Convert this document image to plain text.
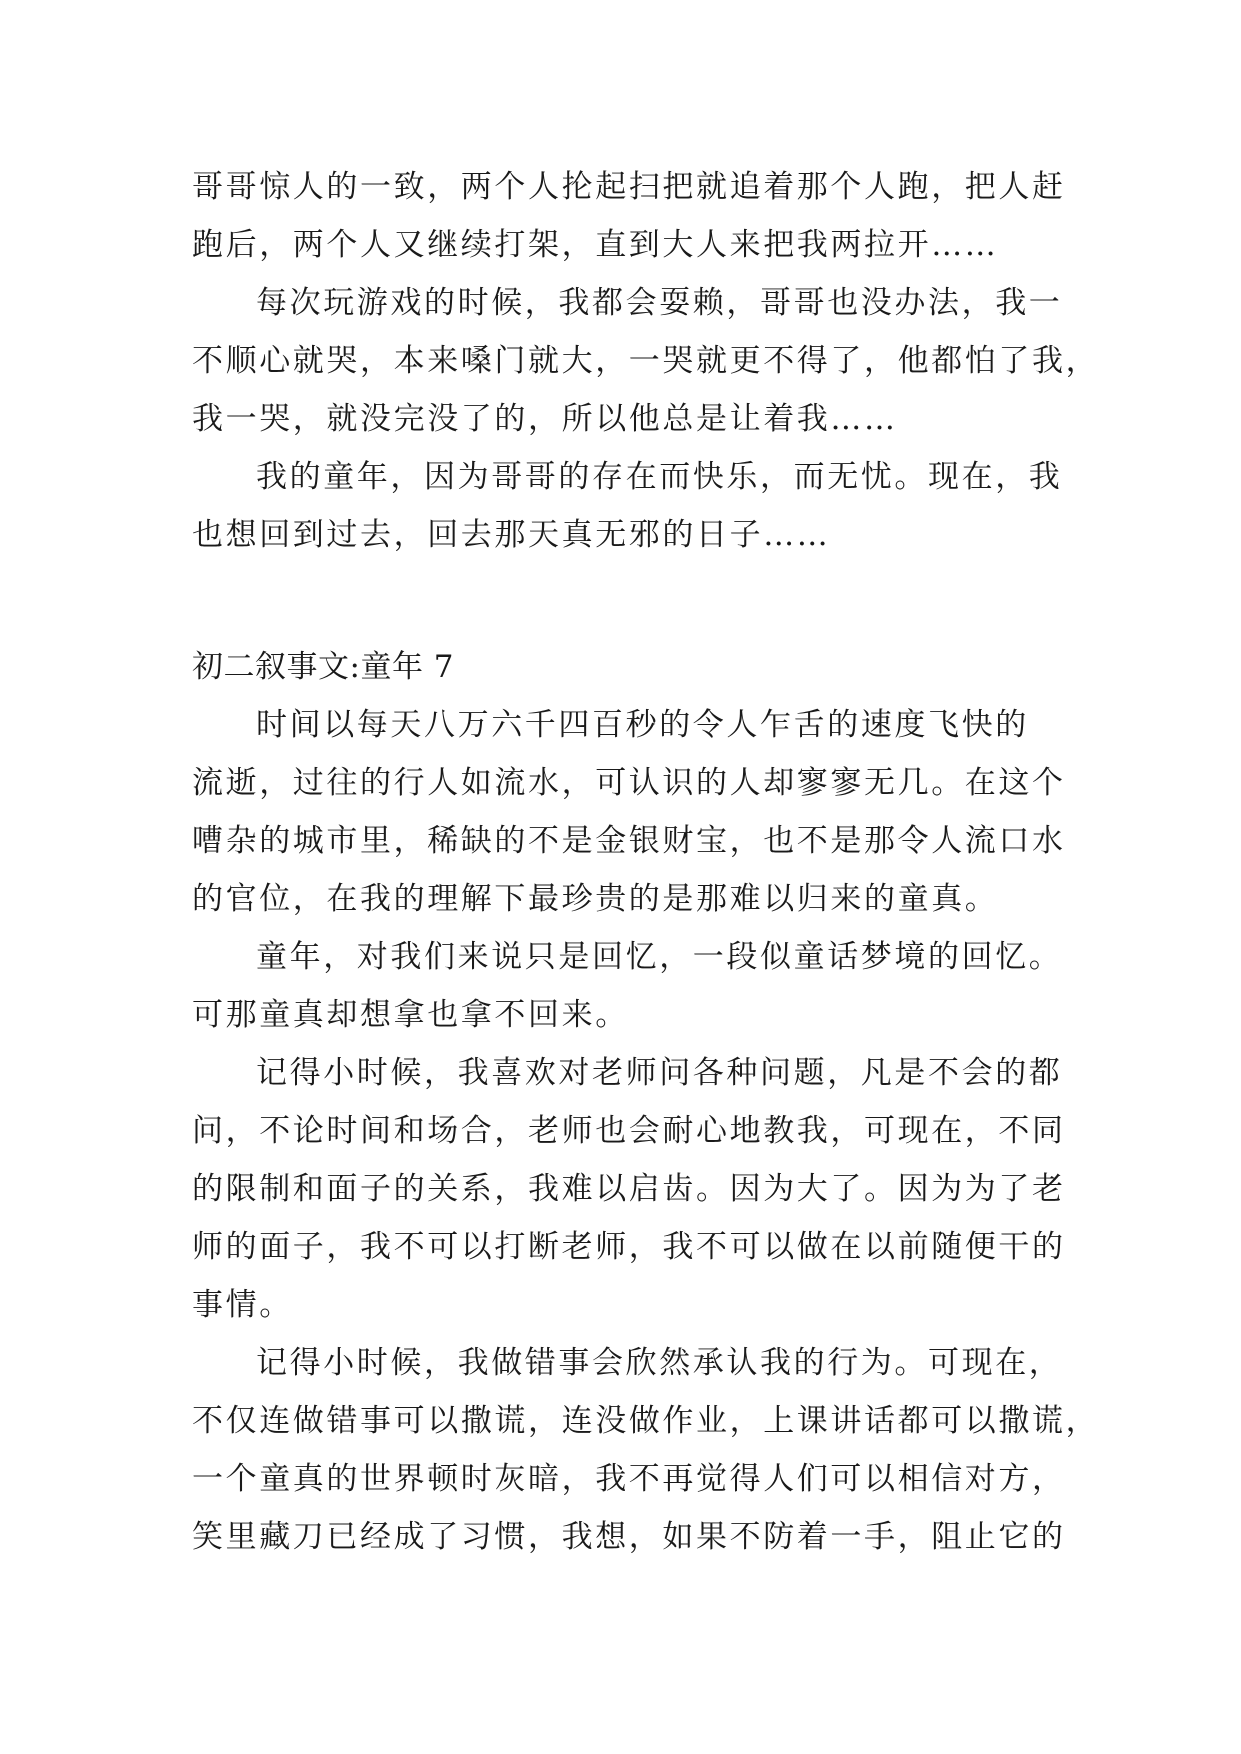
哥哥惊人的一致，两个人抡起扫把就追着那个人跑，把人赶
跑后，两个人又继续打架，直到大人来把我两拉开……
每次玩游戏的时候，我都会耍赖，哥哥也没办法，我一
不顺心就哭，本来嗓门就大，一哭就更不得了，他都怕了我，
我一哭，就没完没了的，所以他总是让着我……
我的童年，因为哥哥的存在而快乐，而无忧。现在，我
也想回到过去，回去那天真无邪的日子……
初二叙事文:童年 7
时间以每天八万六千四百秒的令人乍舌的速度飞快的
流逝，过往的行人如流水，可认识的人却寥寥无几。在这个
嘈杂的城市里，稀缺的不是金银财宝，也不是那令人流口水
的官位，在我的理解下最珍贵的是那难以归来的童真。
童年，对我们来说只是回忆，一段似童话梦境的回忆。
可那童真却想拿也拿不回来。
记得小时候，我喜欢对老师问各种问题，凡是不会的都
问，不论时间和场合，老师也会耐心地教我，可现在，不同
的限制和面子的关系，我难以启齿。因为大了。因为为了老
师的面子，我不可以打断老师，我不可以做在以前随便干的
事情。
记得小时候，我做错事会欣然承认我的行为。可现在，
不仅连做错事可以撒谎，连没做作业，上课讲话都可以撒谎，
一个童真的世界顿时灰暗，我不再觉得人们可以相信对方，
笑里藏刀已经成了习惯，我想，如果不防着一手，阻止它的
